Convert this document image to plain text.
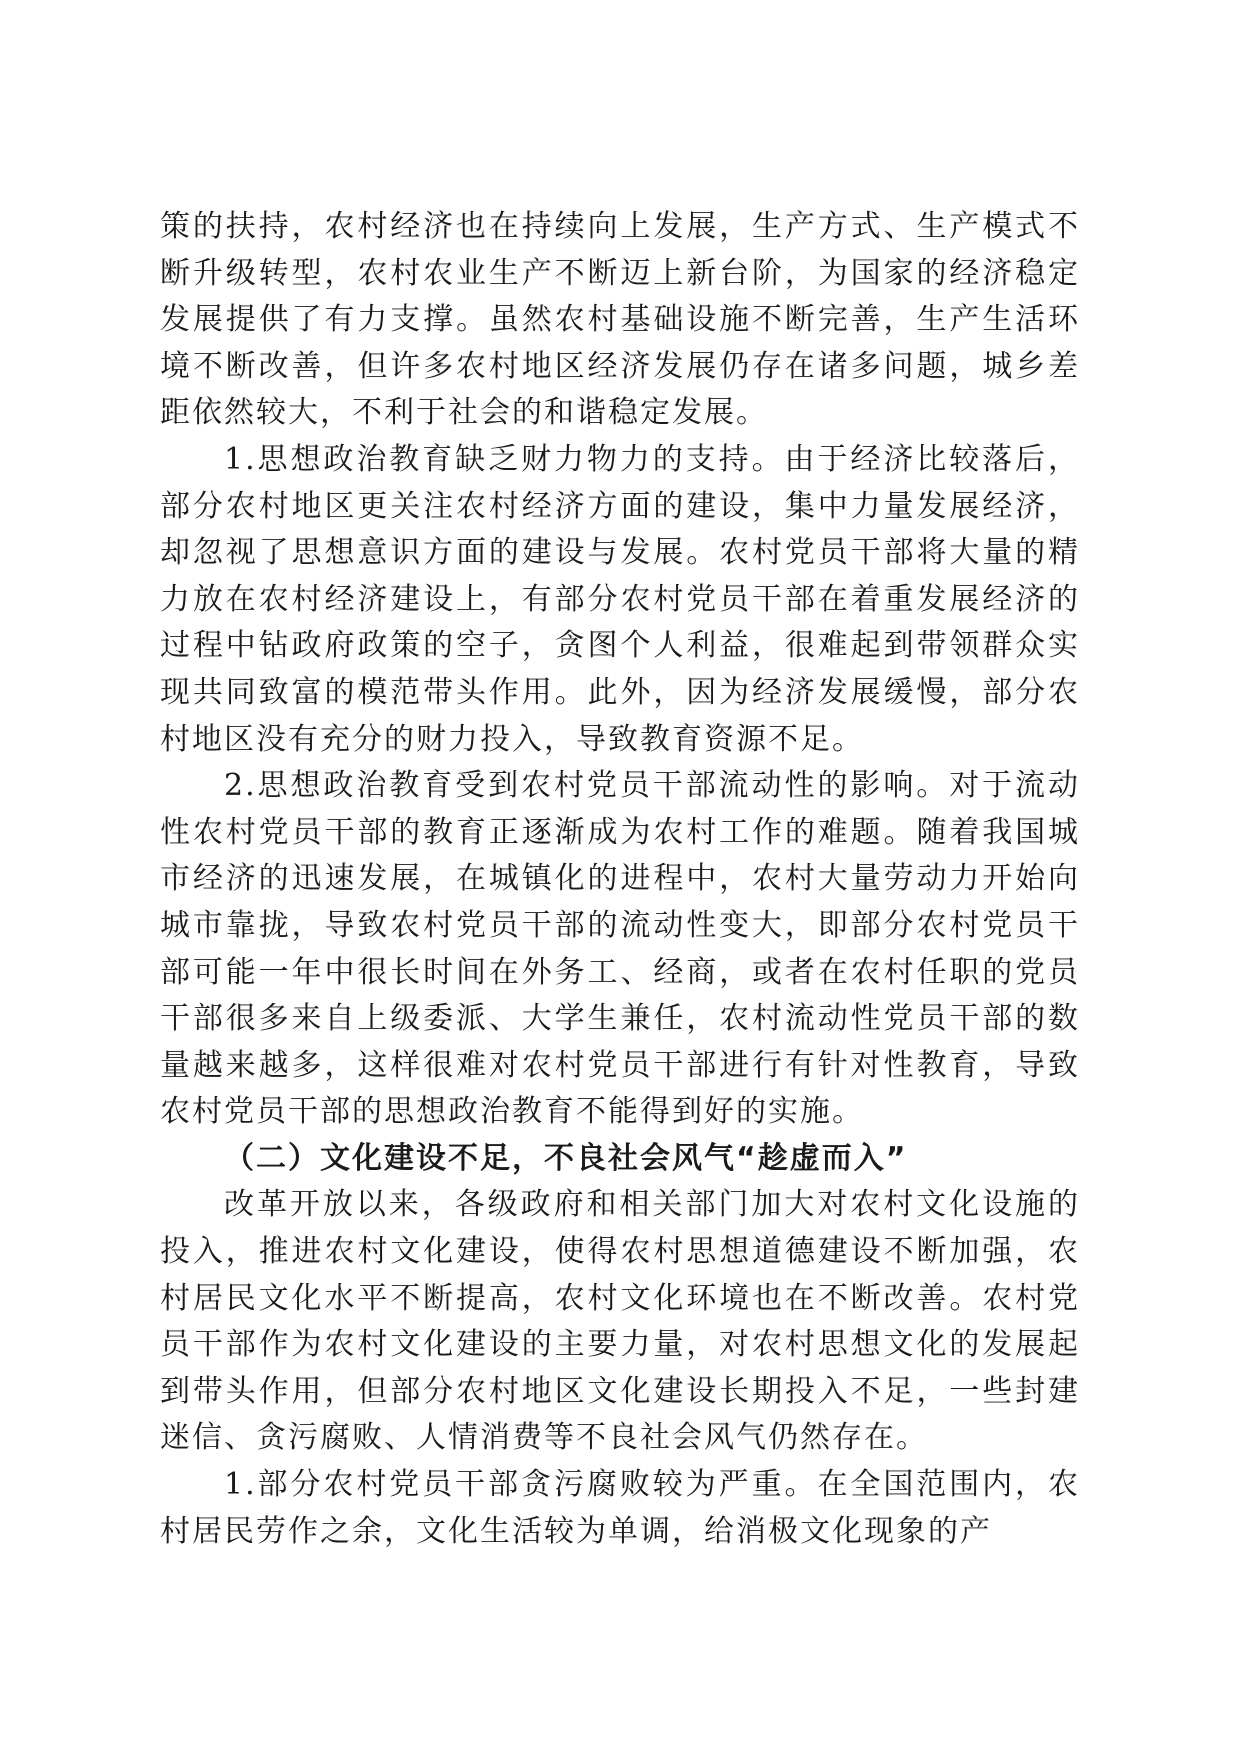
策的扶持，农村经济也在持续向上发展，生产方式、生产模式不断升级转型，农村农业生产不断迈上新台阶，为国家的经济稳定发展提供了有力支撑。虽然农村基础设施不断完善，生产生活环境不断改善，但许多农村地区经济发展仍存在诸多问题，城乡差距依然较大，不利于社会的和谐稳定发展。

1.思想政治教育缺乏财力物力的支持。由于经济比较落后，部分农村地区更关注农村经济方面的建设，集中力量发展经济，却忽视了思想意识方面的建设与发展。农村党员干部将大量的精力放在农村经济建设上，有部分农村党员干部在着重发展经济的过程中钻政府政策的空子，贪图个人利益，很难起到带领群众实现共同致富的模范带头作用。此外，因为经济发展缓慢，部分农村地区没有充分的财力投入，导致教育资源不足。

2.思想政治教育受到农村党员干部流动性的影响。对于流动性农村党员干部的教育正逐渐成为农村工作的难题。随着我国城市经济的迅速发展，在城镇化的进程中，农村大量劳动力开始向城市靠拢，导致农村党员干部的流动性变大，即部分农村党员干部可能一年中很长时间在外务工、经商，或者在农村任职的党员干部很多来自上级委派、大学生兼任，农村流动性党员干部的数量越来越多，这样很难对农村党员干部进行有针对性教育，导致农村党员干部的思想政治教育不能得到好的实施。

（二）文化建设不足，不良社会风气“趁虚而入”

改革开放以来，各级政府和相关部门加大对农村文化设施的投入，推进农村文化建设，使得农村思想道德建设不断加强，农村居民文化水平不断提高，农村文化环境也在不断改善。农村党员干部作为农村文化建设的主要力量，对农村思想文化的发展起到带头作用，但部分农村地区文化建设长期投入不足，一些封建迷信、贪污腐败、人情消费等不良社会风气仍然存在。

1.部分农村党员干部贪污腐败较为严重。在全国范围内，农村居民劳作之余，文化生活较为单调，给消极文化现象的产
